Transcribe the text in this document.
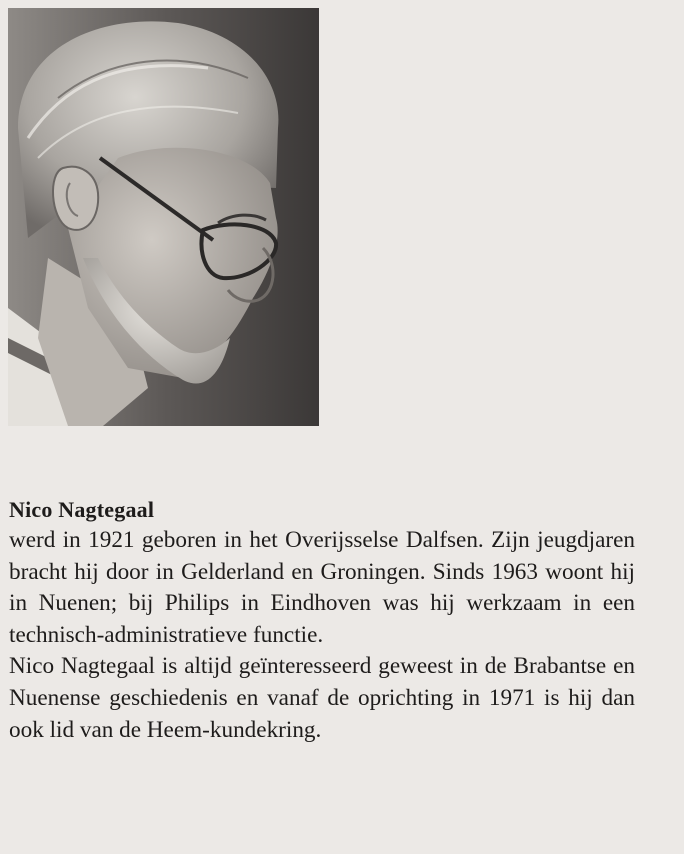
Nico Nagtegaal

werd in 1921 geboren in het Overijsselse Dalfsen. Zijn jeugdjaren bracht hij door in Gelderland en Groningen. Sinds 1963 woont hij in Nuenen; bij Philips in Eindhoven was hij werkzaam in een technisch-administratieve functie.

Nico Nagtegaal is altijd geïnteresseerd geweest in de Brabantse en Nuenense geschiedenis en vanaf de oprichting in 1971 is hij dan ook lid van de Heem-kundekring.
